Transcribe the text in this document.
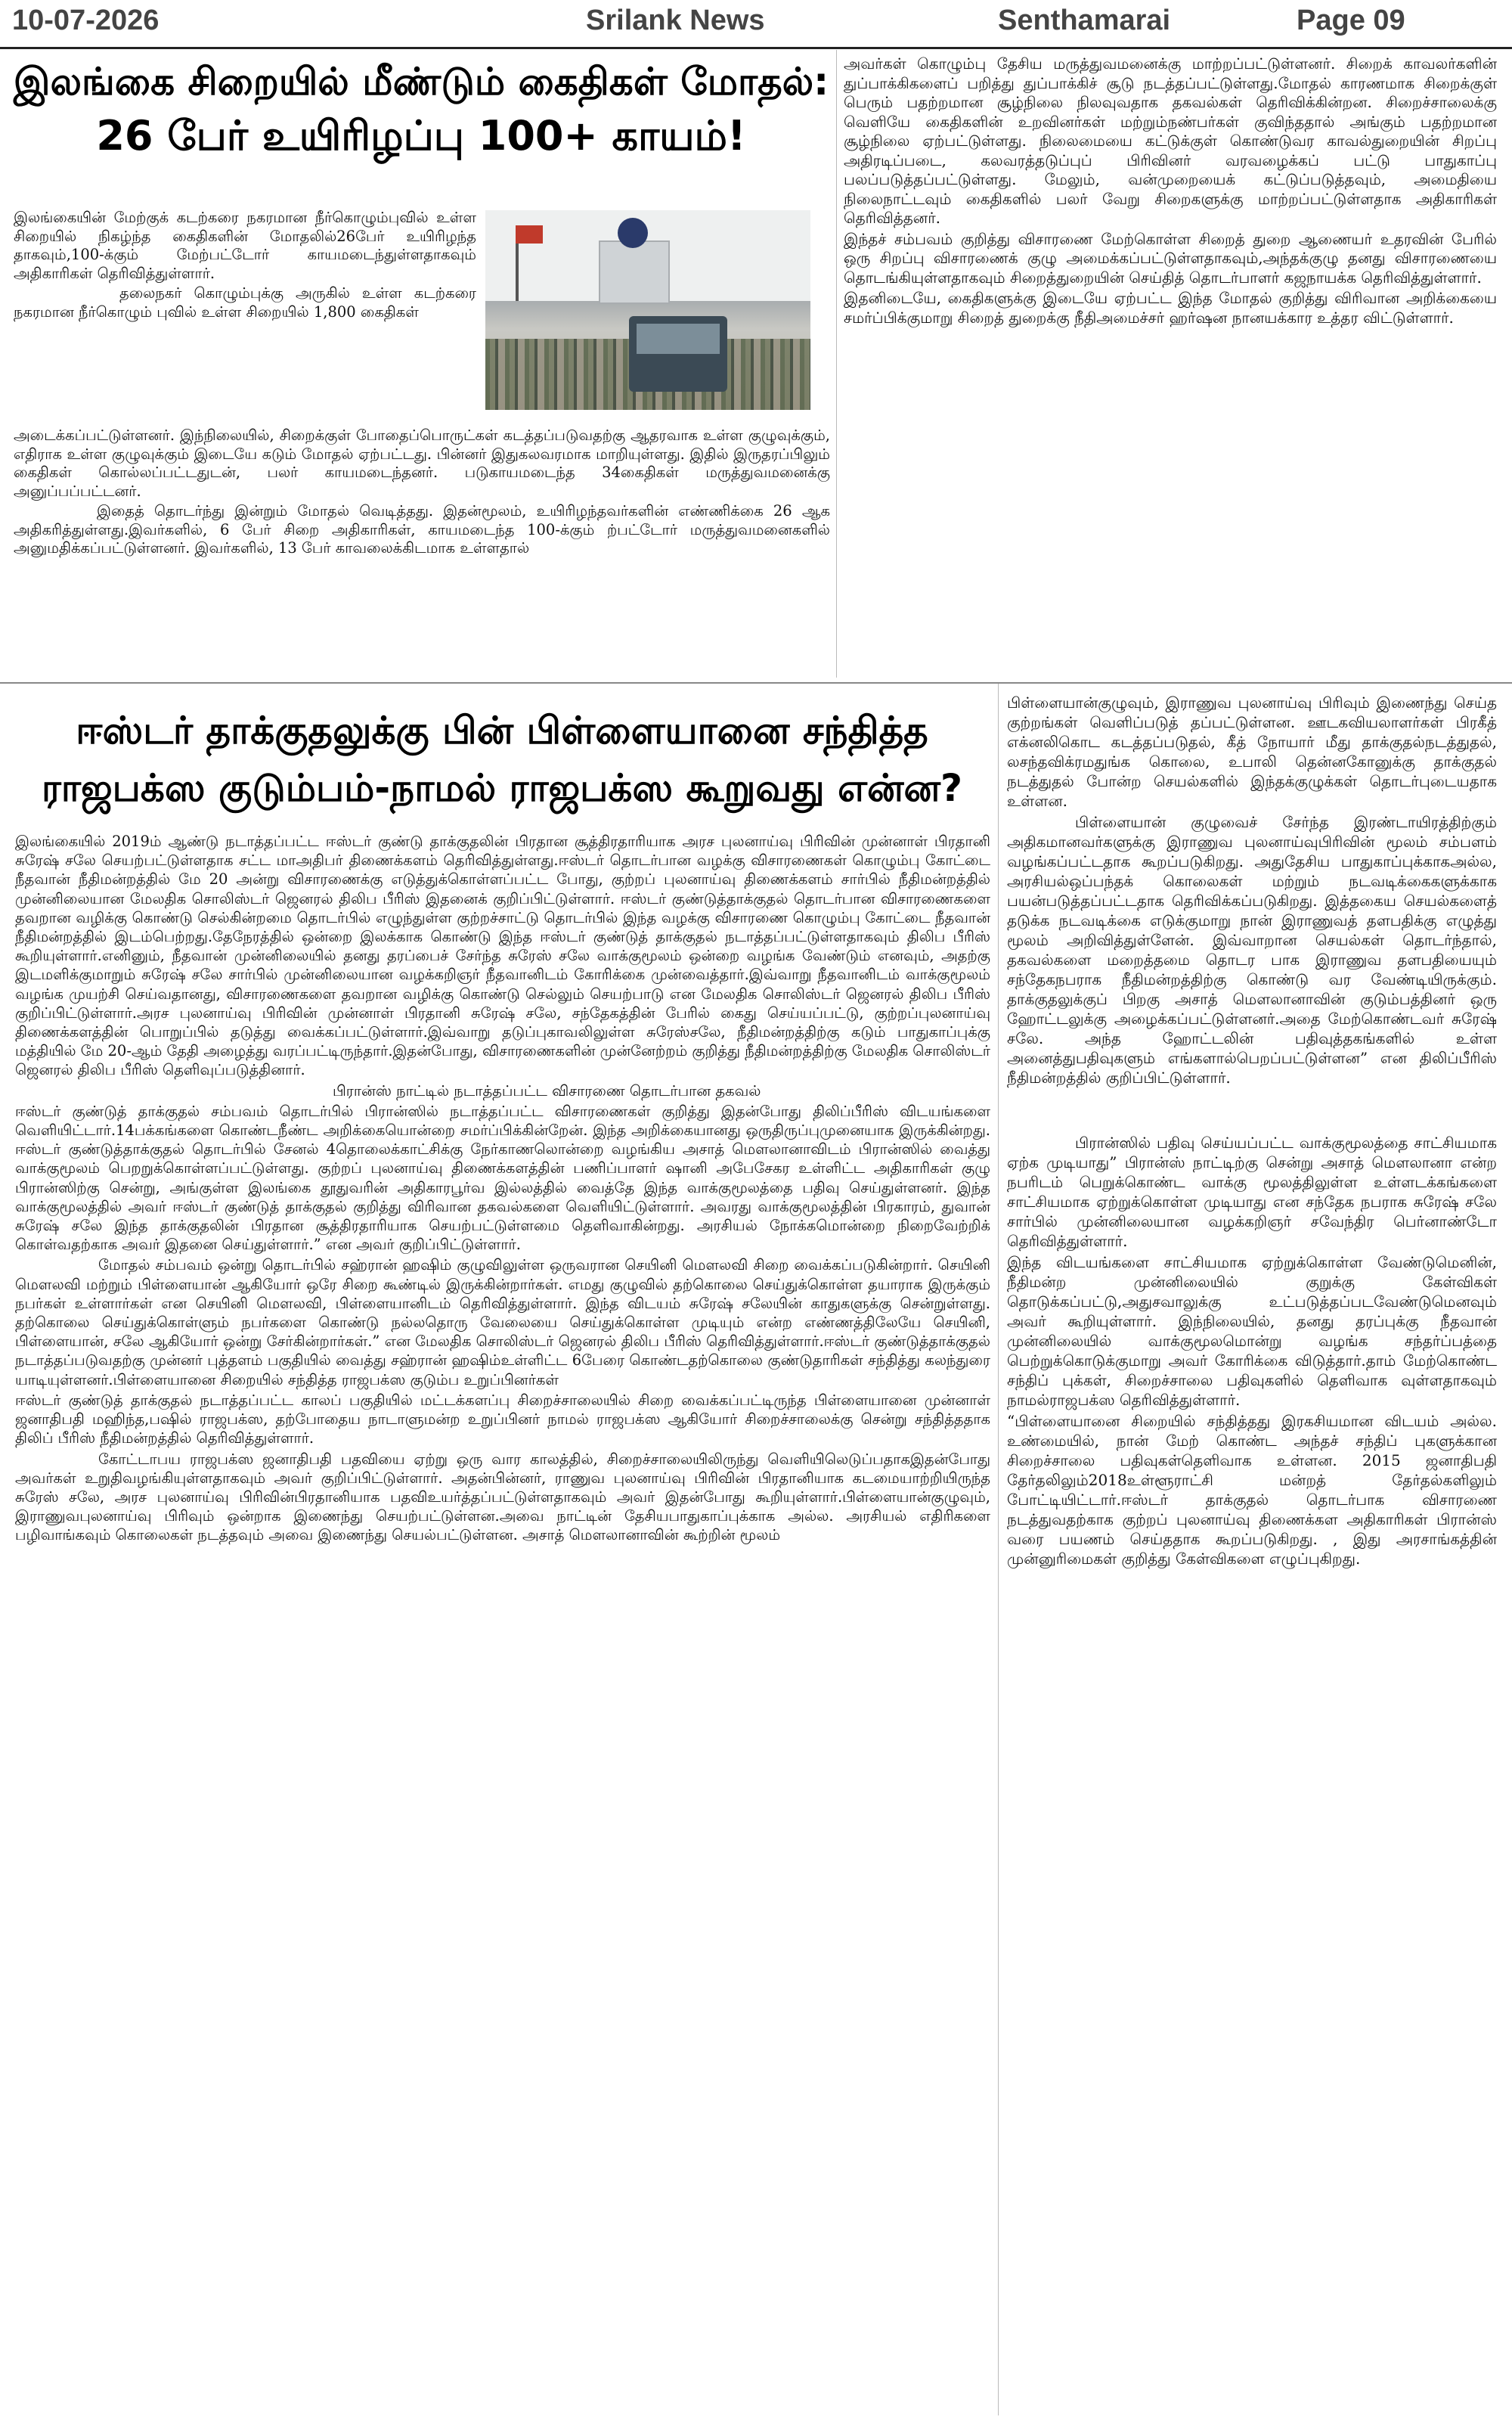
10-07-2026	Srilank News	Senthamarai	Page 09
இலங்கை சிறையில் மீண்டும் கைதிகள் மோதல்:
26 பேர் உயிரிழப்பு 100+ காயம்!

இலங்கையின் மேற்குக் கடற்கரை நகரமான நீர்கொழும்புவில் உள்ள சிறையில் நிகழ்ந்த கைதிகளின் மோதலில்26பேர் உயிரிழந்த தாகவும்,100-க்கும் மேற்பட்டோர் காயமடைந்துள்ளதாகவும் அதிகாரிகள் தெரிவித்துள்ளார்.

தலைநகர் கொழும்புக்கு அருகில் உள்ள கடற்கரை நகரமான நீர்கொழும் புவில் உள்ள சிறையில் 1,800 கைதிகள்

அடைக்கப்பட்டுள்ளனர். இந்நிலையில், சிறைக்குள் போதைப்பொருட்கள் கடத்தப்படுவதற்கு ஆதரவாக உள்ள குழுவுக்கும், எதிராக உள்ள குழுவுக்கும் இடையே கடும் மோதல் ஏற்பட்டது. பின்னர் இதுகலவரமாக மாறியுள்ளது. இதில் இருதரப்பிலும் கைதிகள் கொல்லப்பட்டதுடன், பலர் காயமடைந்தனர். படுகாயமடைந்த 34கைதிகள் மருத்துவமனைக்கு அனுப்பப்பட்டனர்.

இதைத் தொடர்ந்து இன்றும் மோதல் வெடித்தது. இதன்மூலம், உயிரிழந்தவர்களின் எண்ணிக்கை 26 ஆக அதிகரித்துள்ளது.இவர்களில், 6 பேர் சிறை அதிகாரிகள், காயமடைந்த 100-க்கும் ற்பட்டோர் மருத்துவமனைகளில் அனுமதிக்கப்பட்டுள்ளனர். இவர்களில், 13 பேர் காவலைக்கிடமாக உள்ளதால்

அவர்கள் கொழும்பு தேசிய மருத்துவமனைக்கு மாற்றப்பட்டுள்ளனர். சிறைக் காவலர்களின் துப்பாக்கிகளைப் பறித்து துப்பாக்கிச் சூடு நடத்தப்பட்டுள்ளது.மோதல் காரணமாக சிறைக்குள் பெரும் பதற்றமான சூழ்நிலை நிலவுவதாக தகவல்கள் தெரிவிக்கின்றன. சிறைச்சாலைக்கு வெளியே கைதிகளின் உறவினர்கள் மற்றும்நண்பர்கள் குவிந்ததால் அங்கும் பதற்றமான சூழ்நிலை ஏற்பட்டுள்ளது. நிலைமையை கட்டுக்குள் கொண்டுவர காவல்துறையின் சிறப்பு அதிரடிப்படை, கலவரத்தடுப்புப் பிரிவினர் வரவழைக்கப் பட்டு பாதுகாப்பு பலப்படுத்தப்பட்டுள்ளது. மேலும், வன்முறையைக் கட்டுப்படுத்தவும், அமைதியை நிலைநாட்டவும் கைதிகளில் பலர் வேறு சிறைகளுக்கு மாற்றப்பட்டுள்ளதாக அதிகாரிகள் தெரிவித்தனர்.

இந்தச் சம்பவம் குறித்து விசாரணை மேற்கொள்ள சிறைத் துறை ஆணையர் உதரவின் பேரில் ஒரு சிறப்பு விசாரணைக் குழு அமைக்கப்பட்டுள்ளதாகவும்,அந்தக்குழு தனது விசாரணையை தொடங்கியுள்ளதாகவும் சிறைத்துறையின் செய்தித் தொடர்பாளர் கஜநாயக்க தெரிவித்துள்ளார்.

இதனிடையே, கைதிகளுக்கு இடையே ஏற்பட்ட இந்த மோதல் குறித்து விரிவான அறிக்கையை சமர்ப்பிக்குமாறு சிறைத் துறைக்கு நீதிஅமைச்சர் ஹர்ஷன நானயக்கார உத்தர விட்டுள்ளார்.

ஈஸ்டர் தாக்குதலுக்கு பின் பிள்ளையானை சந்தித்த
ராஜபக்ஸ குடும்பம்-நாமல் ராஜபக்ஸ கூறுவது என்ன?

இலங்கையில் 2019ம் ஆண்டு நடாத்தப்பட்ட ஈஸ்டர் குண்டு தாக்குதலின் பிரதான சூத்திரதாரியாக அரச புலனாய்வு பிரிவின் முன்னாள் பிரதானி சுரேஷ் சலே செயற்பட்டுள்ளதாக சட்ட மாஅதிபர் திணைக்களம் தெரிவித்துள்ளது.ஈஸ்டர் தொடர்பான வழக்கு விசாரணைகள் கொழும்பு கோட்டை நீதவான் நீதிமன்றத்தில் மே 20 அன்று விசாரணைக்கு எடுத்துக்கொள்ளப்பட்ட போது, குற்றப் புலனாய்வு திணைக்களம் சார்பில் நீதிமன்றத்தில் முன்னிலையான மேலதிக சொலிஸ்டர் ஜெனரல் திலிப பீரிஸ் இதனைக் குறிப்பிட்டுள்ளார். ஈஸ்டர் குண்டுத்தாக்குதல் தொடர்பான விசாரணைகளை தவறான வழிக்கு கொண்டு செல்கின்றமை தொடர்பில் எழுந்துள்ள குற்றச்சாட்டு தொடர்பில் இந்த வழக்கு விசாரணை கொழும்பு கோட்டை நீதவான் நீதிமன்றத்தில் இடம்பெற்றது.தேநேரத்தில் ஒன்றை இலக்காக கொண்டு இந்த ஈஸ்டர் குண்டுத் தாக்குதல் நடாத்தப்பட்டுள்ளதாகவும் திலிப பீரிஸ் கூறியுள்ளார்.எனினும், நீதவான் முன்னிலையில் தனது தரப்பைச் சேர்ந்த சுரேஸ் சலே வாக்குமூலம் ஒன்றை வழங்க வேண்டும் எனவும், அதற்கு இடமளிக்குமாறும் சுரேஷ் சலே சார்பில் முன்னிலையான வழக்கறிஞர் நீதவானிடம் கோரிக்கை முன்வைத்தார்.இவ்வாறு நீதவானிடம் வாக்குமூலம் வழங்க முயற்சி செய்வதானது, விசாரணைகளை தவறான வழிக்கு கொண்டு செல்லும் செயற்பாடு என மேலதிக சொலிஸ்டர் ஜெனரல் திலிப பீரிஸ் குறிப்பிட்டுள்ளார்.அரச புலனாய்வு பிரிவின் முன்னாள் பிரதானி சுரேஷ் சலே, சந்தேகத்தின் பேரில் கைது செய்யப்பட்டு, குற்றப்புலனாய்வு திணைக்களத்தின் பொறுப்பில் தடுத்து வைக்கப்பட்டுள்ளார்.இவ்வாறு தடுப்புகாவலிலுள்ள சுரேஸ்சலே, நீதிமன்றத்திற்கு கடும் பாதுகாப்புக்கு மத்தியில் மே 20-ஆம் தேதி அழைத்து வரப்பட்டிருந்தார்.இதன்போது, விசாரணைகளின் முன்னேற்றம் குறித்து நீதிமன்றத்திற்கு மேலதிக சொலிஸ்டர் ஜெனரல் திலிப பீரிஸ் தெளிவுப்படுத்தினார்.

பிரான்ஸ் நாட்டில் நடாத்தப்பட்ட விசாரணை தொடர்பான தகவல்

ஈஸ்டர் குண்டுத் தாக்குதல் சம்பவம் தொடர்பில் பிரான்ஸில் நடாத்தப்பட்ட விசாரணைகள் குறித்து இதன்போது திலிப்பீரிஸ் விடயங்களை வெளியிட்டார்.14பக்கங்களை கொண்டநீண்ட அறிக்கையொன்றை சமர்ப்பிக்கின்றேன். இந்த அறிக்கையானது ஒருதிருப்புமுனையாக இருக்கின்றது. ஈஸ்டர் குண்டுத்தாக்குதல் தொடர்பில் சேனல் 4தொலைக்காட்சிக்கு நேர்காணலொன்றை வழங்கிய அசாத் மௌலானாவிடம் பிரான்ஸில் வைத்து வாக்குமூலம் பெறறுக்கொள்ளப்பட்டுள்ளது. குற்றப் புலனாய்வு திணைக்களத்தின் பணிப்பாளர் ஷானி அபேசேகர உள்ளிட்ட அதிகாரிகள் குழு பிரான்ஸிற்கு சென்று, அங்குள்ள இலங்கை தூதுவரின் அதிகாரபூர்வ இல்லத்தில் வைத்தே இந்த வாக்குமூலத்தை பதிவு செய்துள்ளனர். இந்த வாக்குமூலத்தில் அவர் ஈஸ்டர் குண்டுத் தாக்குதல் குறித்து விரிவான தகவல்களை வெளியிட்டுள்ளார். அவரது வாக்குமூலத்தின் பிரகாரம், துவான் சுரேஷ் சலே இந்த தாக்குதலின் பிரதான சூத்திரதாரியாக செயற்பட்டுள்ளமை தெளிவாகின்றது. அரசியல் நோக்கமொன்றை நிறைவேற்றிக் கொள்வதற்காக அவர் இதனை செய்துள்ளார்.” என அவர் குறிப்பிட்டுள்ளார்.

மோதல் சம்பவம் ஒன்று தொடர்பில் சஹ்ரான் ஹஷிம் குழுவிலுள்ள ஒருவரான செயினி மௌலவி சிறை வைக்கப்படுகின்றார். செயினி மௌலவி மற்றும் பிள்ளையான் ஆகியோர் ஒரே சிறை கூண்டில் இருக்கின்றார்கள். எமது குழுவில் தற்கொலை செய்துக்கொள்ள தயாராக இருக்கும் நபர்கள் உள்ளார்கள் என செயினி மௌலவி, பிள்ளையானிடம் தெரிவித்துள்ளார். இந்த விடயம் சுரேஷ் சலேயின் காதுகளுக்கு சென்றுள்ளது. தற்கொலை செய்துக்கொள்ளும் நபர்களை கொண்டு நல்லதொரு வேலையை செய்துக்கொள்ள முடியும் என்ற எண்ணத்திலேயே செயினி, பிள்ளையான், சலே ஆகியோர் ஒன்று சேர்கின்றார்கள்.” என மேலதிக சொலிஸ்டர் ஜெனரல் திலிப பீரிஸ் தெரிவித்துள்ளார்.ஈஸ்டர் குண்டுத்தாக்குதல் நடாத்தப்படுவதற்கு முன்னர் புத்தளம் பகுதியில் வைத்து சஹ்ரான் ஹஷிம்உள்ளிட்ட 6பேரை கொண்டதற்கொலை குண்டுதாரிகள் சந்தித்து கலந்துரை யாடியுள்ளனர்.பிள்ளையானை சிறையில் சந்தித்த ராஜபக்ஸ குடும்ப உறுப்பினர்கள்

ஈஸ்டர் குண்டுத் தாக்குதல் நடாத்தப்பட்ட காலப் பகுதியில் மட்டக்களப்பு சிறைச்சாலையில் சிறை வைக்கப்பட்டிருந்த பிள்ளையானை முன்னாள் ஜனாதிபதி மஹிந்த,பஷில் ராஜபக்ஸ, தற்போதைய நாடாளுமன்ற உறுப்பினர் நாமல் ராஜபக்ஸ ஆகியோர் சிறைச்சாலைக்கு சென்று சந்தித்ததாக திலிப் பீரிஸ் நீதிமன்றத்தில் தெரிவித்துள்ளார்.

கோட்டாபய ராஜபக்ஸ ஜனாதிபதி பதவியை ஏற்று ஒரு வார காலத்தில், சிறைச்சாலையிலிருந்து வெளியிலெடுப்பதாகஇதன்போது அவர்கள் உறுதிவழங்கியுள்ளதாகவும் அவர் குறிப்பிட்டுள்ளார். அதன்பின்னர், ராணுவ புலனாய்வு பிரிவின் பிரதானியாக கடமையாற்றியிருந்த சுரேஸ் சலே, அரச புலனாய்வு பிரிவின்பிரதானியாக பதவிஉயர்த்தப்பட்டுள்ளதாகவும் அவர் இதன்போது கூறியுள்ளார்.பிள்ளையான்குழுவும், இராணுவபுலனாய்வு பிரிவும் ஒன்றாக இணைந்து செயற்பட்டுள்ளன.அவை நாட்டின் தேசியபாதுகாப்புக்காக அல்ல. அரசியல் எதிரிகளை பழிவாங்கவும் கொலைகள் நடத்தவும் அவை இணைந்து செயல்பட்டுள்ளன. அசாத் மௌலானாவின் கூற்றின் மூலம்

பிள்ளையான்குழுவும், இராணுவ புலனாய்வு பிரிவும் இணைந்து செய்த குற்றங்கள் வெளிப்படுத் தப்பட்டுள்ளன. ஊடகவியலாளர்கள் பிரகீத் எக்னலிகொட கடத்தப்படுதல், கீத் நோயார் மீது தாக்குதல்நடத்துதல், லசந்தவிக்ரமதுங்க கொலை, உபாலி தென்னகோனுக்கு தாக்குதல் நடத்துதல் போன்ற செயல்களில் இந்தக்குழுக்கள் தொடர்புடையதாக உள்ளன.

பிள்ளையான் குழுவைச் சேர்ந்த இரண்டாயிரத்திற்கும் அதிகமானவர்களுக்கு இராணுவ புலனாய்வுபிரிவின் மூலம் சம்பளம் வழங்கப்பட்டதாக கூறப்படுகிறது. அதுதேசிய பாதுகாப்புக்காகஅல்ல, அரசியல்ஒப்பந்தக் கொலைகள் மற்றும் நடவடிக்கைகளுக்காக பயன்படுத்தப்பட்டதாக தெரிவிக்கப்படுகிறது. இத்தகைய செயல்களைத் தடுக்க நடவடிக்கை எடுக்குமாறு நான் இராணுவத் தளபதிக்கு எழுத்து மூலம் அறிவித்துள்ளேன். இவ்வாறான செயல்கள் தொடர்ந்தால், தகவல்களை மறைத்தமை தொடர பாக இராணுவ தளபதியையும் சந்தேகநபராக நீதிமன்றத்திற்கு கொண்டு வர வேண்டியிருக்கும். தாக்குதலுக்குப் பிறகு அசாத் மௌலானாவின் குடும்பத்தினர் ஒரு ஹோட்டலுக்கு அழைக்கப்பட்டுள்ளனர்.அதை மேற்கொண்டவர் சுரேஷ் சலே. அந்த ஹோட்டலின் பதிவுத்தகங்களில் உள்ள அனைத்துபதிவுகளும் எங்களால்பெறப்பட்டுள்ளன” என திலிப்பீரிஸ் நீதிமன்றத்தில் குறிப்பிட்டுள்ளார்.

பிரான்ஸில் பதிவு செய்யப்பட்ட வாக்குமூலத்தை சாட்சியமாக ஏற்க முடியாது” பிரான்ஸ் நாட்டிற்கு சென்று அசாத் மௌலானா என்ற நபரிடம் பெறுக்கொண்ட வாக்கு மூலத்திலுள்ள உள்ளடக்கங்களை சாட்சியமாக ஏற்றுக்கொள்ள முடியாது என சந்தேக நபராக சுரேஷ் சலே சார்பில் முன்னிலையான வழக்கறிஞர் சவேந்திர பெர்னாண்டோ தெரிவித்துள்ளார்.

இந்த விடயங்களை சாட்சியமாக ஏற்றுக்கொள்ள வேண்டுமெனின், நீதிமன்ற முன்னிலையில் குறுக்கு கேள்விகள் தொடுக்கப்பட்டு,அதுசவாலுக்கு உட்படுத்தப்படவேண்டுமெனவும் அவர் கூறியுள்ளார். இந்நிலையில், தனது தரப்புக்கு நீதவான் முன்னிலையில் வாக்குமூலமொன்று வழங்க சந்தர்ப்பத்தை பெற்றுக்கொடுக்குமாறு அவர் கோரிக்கை விடுத்தார்.தாம் மேற்கொண்ட சந்திப் புக்கள், சிறைச்சாலை பதிவுகளில் தெளிவாக வுள்ளதாகவும் நாமல்ராஜபக்ஸ தெரிவித்துள்ளார்.

“பிள்ளையானை சிறையில் சந்தித்தது இரகசியமான விடயம் அல்ல. உண்மையில், நான் மேற் கொண்ட அந்தச் சந்திப் புகளுக்கான சிறைச்சாலை பதிவுகள்தெளிவாக உள்ளன. 2015 ஜனாதிபதி தேர்தலிலும்2018உள்ளூராட்சி மன்றத் தேர்தல்களிலும் போட்டியிட்டார்.ஈஸ்டர் தாக்குதல் தொடர்பாக விசாரணை நடத்துவதற்காக குற்றப் புலனாய்வு திணைக்கள அதிகாரிகள் பிரான்ஸ் வரை பயணம் செய்ததாக கூறப்படுகிறது. , இது அரசாங்கத்தின் முன்னுரிமைகள் குறித்து கேள்விகளை எழுப்புகிறது.
